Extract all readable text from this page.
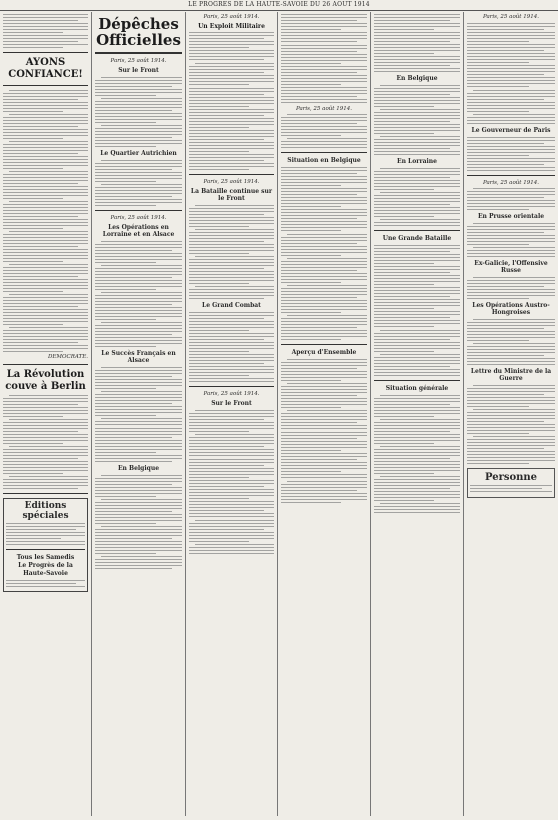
LE PROGRES DE LA HAUTE-SAVOIE DU 26 AOUT 1914
AYONS CONFIANCE!
DEMOCRATE.
La Révolution couve à Berlin
Editions spéciales
Tous les Samedis
Le Progrès de la Haute-Savoie
Dépêches Officielles
Paris, 25 août 1914.
Sur le Front
Le Quartier Autrichien
Paris, 25 août 1914.
Les Opérations en Lorraine et en Alsace
Le Succès Français en Alsace
En Belgique
Paris, 25 août 1914.
Un Exploit Militaire
Paris, 25 août 1914.
La Bataille continue sur le Front
Le Grand Combat
Paris, 25 août 1914.
Sur le Front
Paris, 25 août 1914.
Situation en Belgique
Aperçu d'Ensemble
En Belgique
En Lorraine
Une Grande Bataille
Situation générale
Paris, 25 août 1914.
Le Gouverneur de Paris
Paris, 25 août 1914.
En Prusse orientale
Ex-Galicie, l'Offensive Russe
Les Opérations Austro-Hongroises
Lettre du Ministre de la Guerre
Personne
